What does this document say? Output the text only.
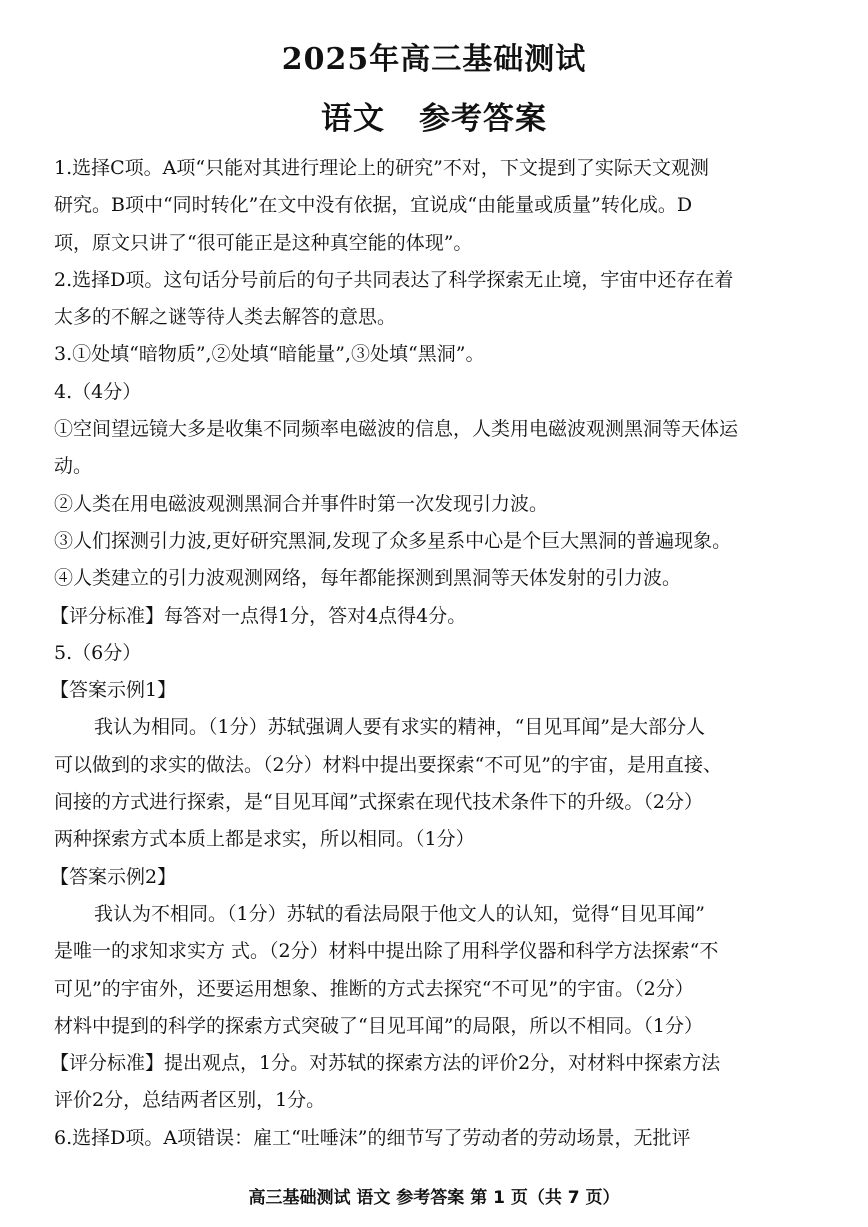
2025年高三基础测试
语文 参考答案
1.选择C项。A项“只能对其进行理论上的研究”不对，下文提到了实际天文观测
研究。B项中“同时转化”在文中没有依据，宜说成“由能量或质量”转化成。D
项，原文只讲了“很可能正是这种真空能的体现”。
2.选择D项。这句话分号前后的句子共同表达了科学探索无止境，宇宙中还存在着
太多的不解之谜等待人类去解答的意思。
3.①处填“暗物质”,②处填“暗能量”,③处填“黑洞”。
4.（4分）
①空间望远镜大多是收集不同频率电磁波的信息，人类用电磁波观测黑洞等天体运
动。
②人类在用电磁波观测黑洞合并事件时第一次发现引力波。
③人们探测引力波,更好研究黑洞,发现了众多星系中心是个巨大黑洞的普遍现象。
④人类建立的引力波观测网络，每年都能探测到黑洞等天体发射的引力波。
【评分标准】每答对一点得1分，答对4点得4分。
5.（6分）
【答案示例1】
我认为相同。（1分）苏轼强调人要有求实的精神，“目见耳闻”是大部分人
可以做到的求实的做法。（2分）材料中提出要探索“不可见”的宇宙，是用直接、
间接的方式进行探索，是“目见耳闻”式探索在现代技术条件下的升级。（2分）
两种探索方式本质上都是求实，所以相同。（1分）
【答案示例2】
我认为不相同。（1分）苏轼的看法局限于他文人的认知，觉得“目见耳闻”
是唯一的求知求实方 式。（2分）材料中提出除了用科学仪器和科学方法探索“不
可见”的宇宙外，还要运用想象、推断的方式去探究“不可见”的宇宙。（2分）
材料中提到的科学的探索方式突破了“目见耳闻”的局限，所以不相同。（1分）
【评分标准】提出观点，1分。对苏轼的探索方法的评价2分，对材料中探索方法
评价2分，总结两者区别，1分。
6.选择D项。A项错误：雇工“吐唾沫”的细节写了劳动者的劳动场景，无批评
高三基础测试 语文 参考答案 第 1 页（共 7 页）
